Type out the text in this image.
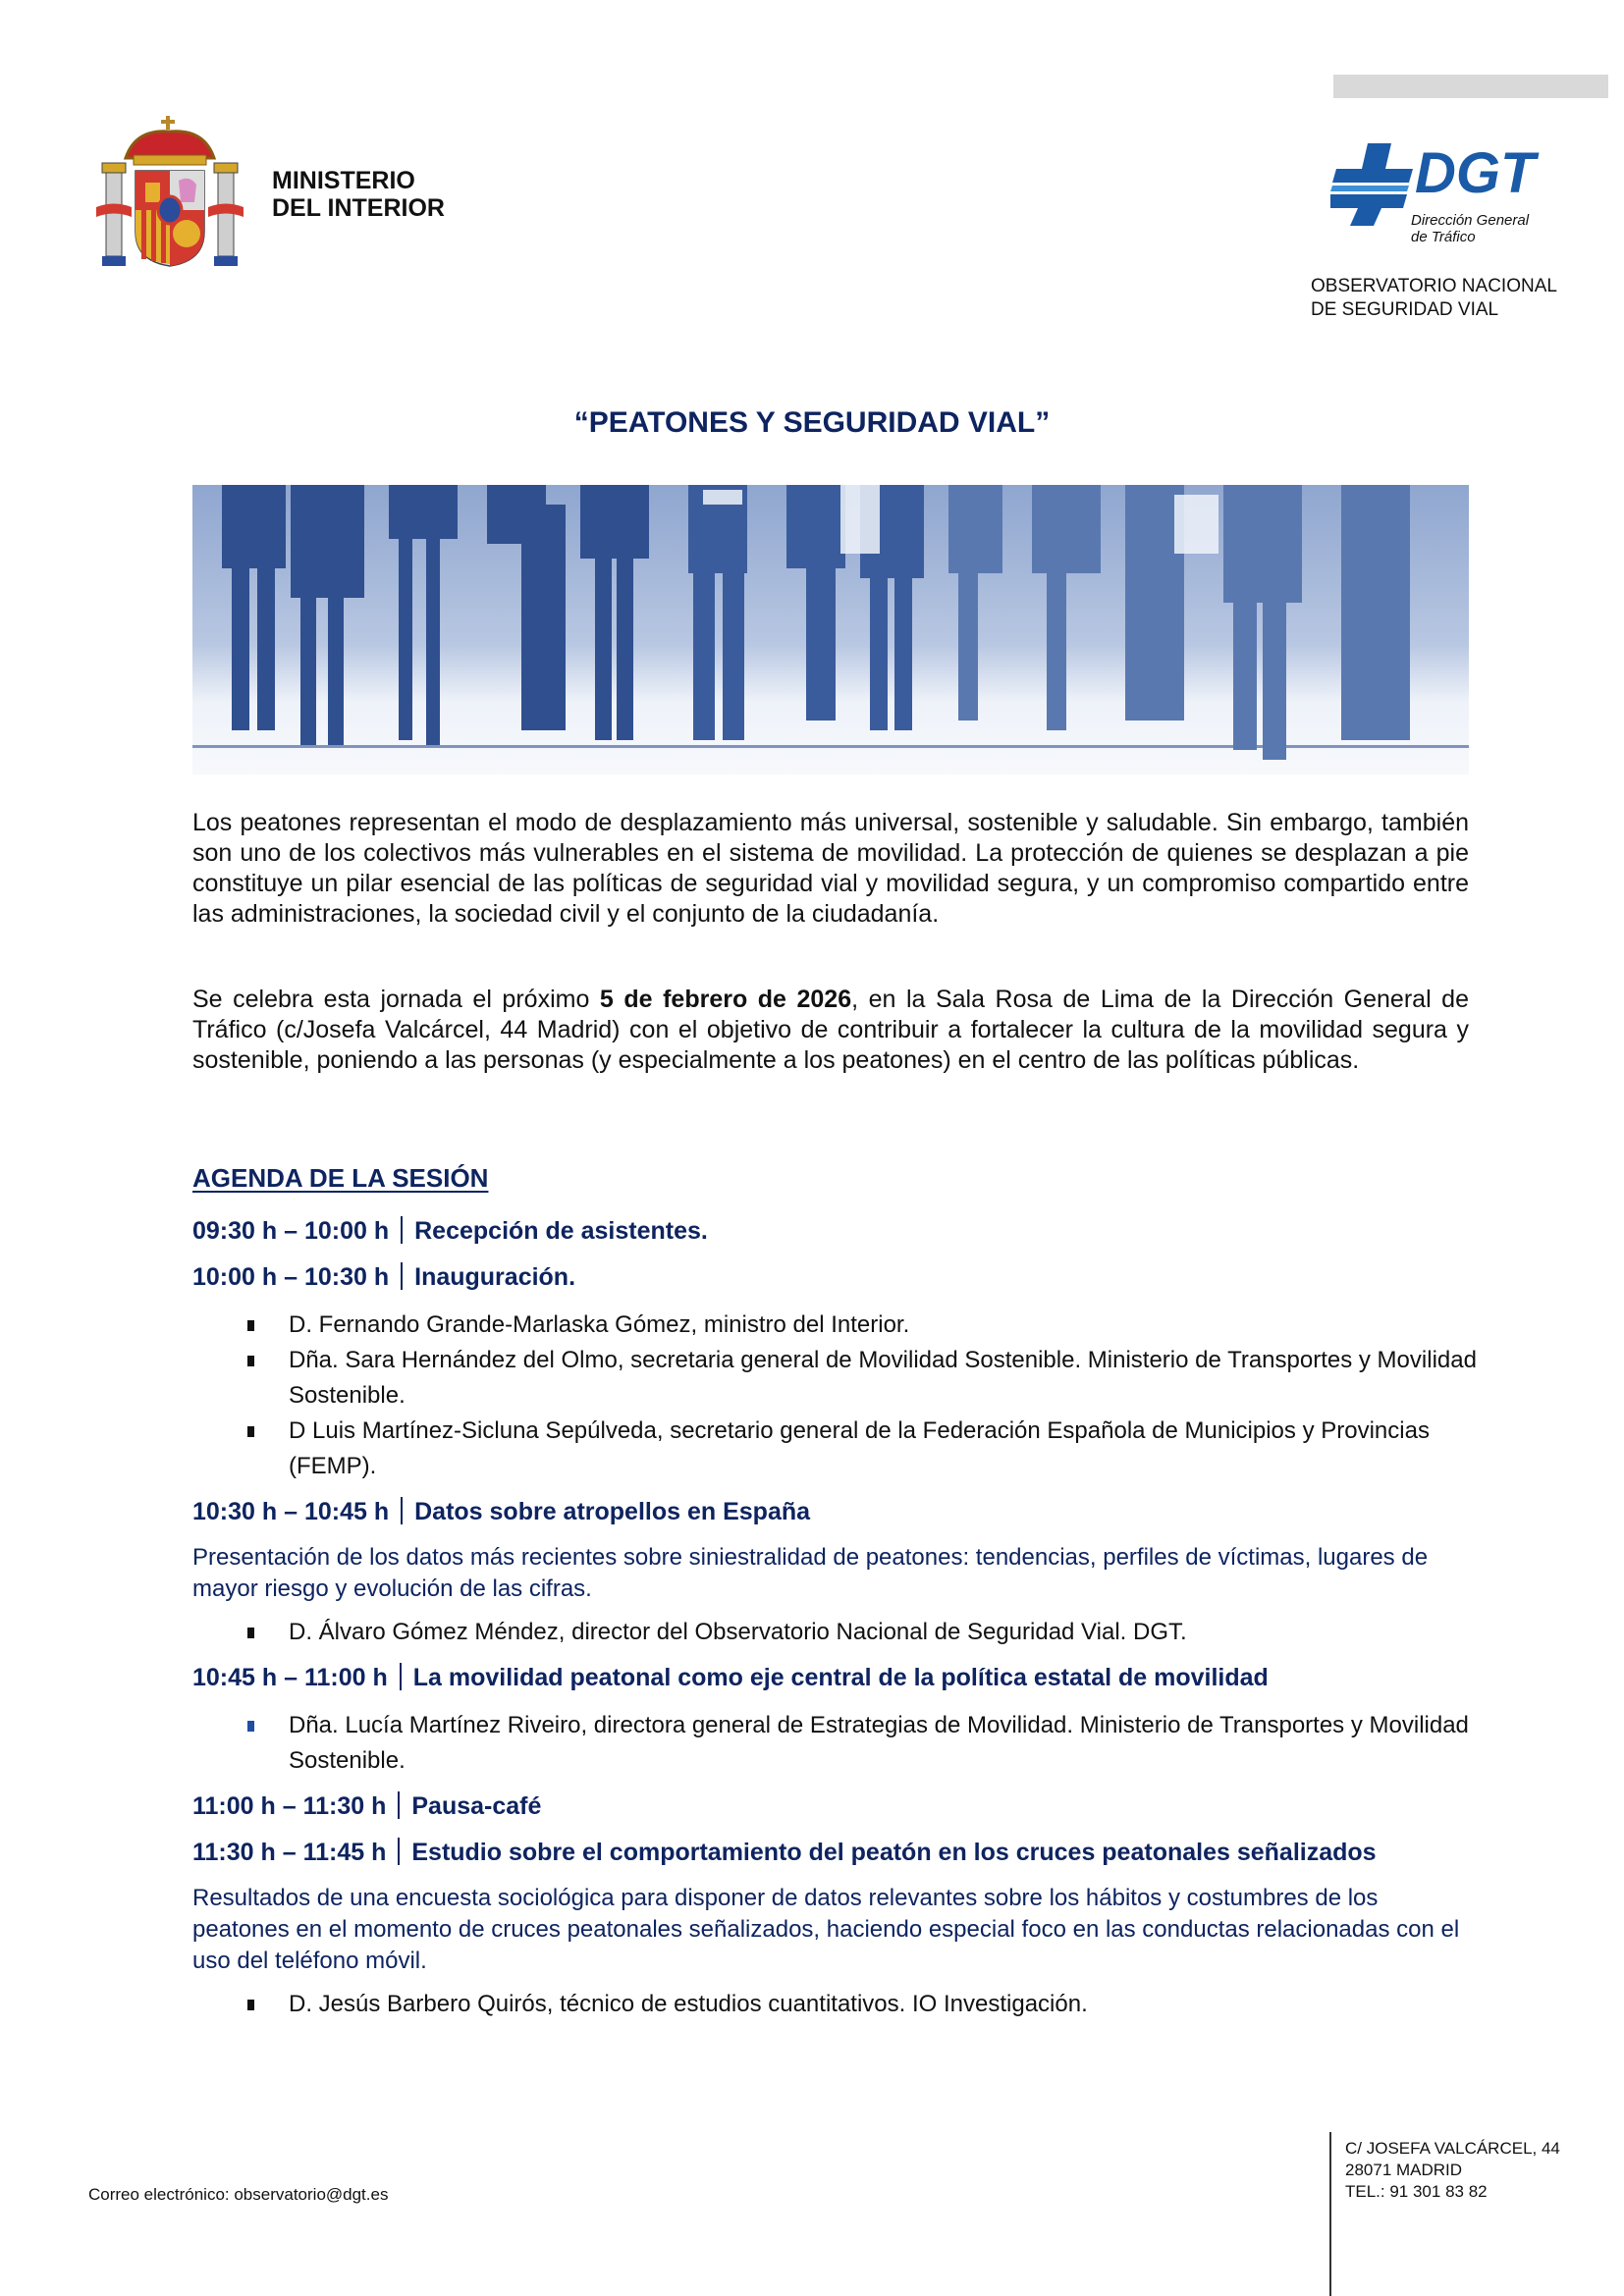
MINISTERIO
DEL INTERIOR
DGT
Dirección General
de Tráfico
OBSERVATORIO NACIONAL
DE SEGURIDAD VIAL
“PEATONES Y SEGURIDAD VIAL”
Los peatones representan el modo de desplazamiento más universal, sostenible y saludable. Sin embargo, también son uno de los colectivos más vulnerables en el sistema de movilidad. La protección de quienes se desplazan a pie constituye un pilar esencial de las políticas de seguridad vial y movilidad segura, y un compromiso compartido entre las administraciones, la sociedad civil y el conjunto de la ciudadanía.
Se celebra esta jornada el próximo 5 de febrero de 2026, en la Sala Rosa de Lima de la Dirección General de Tráfico (c/Josefa Valcárcel, 44 Madrid) con el objetivo de contribuir a fortalecer la cultura de la movilidad segura y sostenible, poniendo a las personas (y especialmente a los peatones) en el centro de las políticas públicas.
AGENDA DE LA SESIÓN
09:30 h – 10:00 h Recepción de asistentes.
10:00 h – 10:30 h Inauguración.
D. Fernando Grande-Marlaska Gómez, ministro del Interior.
Dña. Sara Hernández del Olmo, secretaria general de Movilidad Sostenible. Ministerio de Transportes y Movilidad Sostenible.
D Luis Martínez-Sicluna Sepúlveda, secretario general de la Federación Española de Municipios y Provincias (FEMP).
10:30 h – 10:45 h Datos sobre atropellos en España
Presentación de los datos más recientes sobre siniestralidad de peatones: tendencias, perfiles de víctimas, lugares de mayor riesgo y evolución de las cifras.
D. Álvaro Gómez Méndez, director del Observatorio Nacional de Seguridad Vial. DGT.
10:45 h – 11:00 h La movilidad peatonal como eje central de la política estatal de movilidad
Dña. Lucía Martínez Riveiro, directora general de Estrategias de Movilidad. Ministerio de Transportes y Movilidad Sostenible.
11:00 h – 11:30 h Pausa-café
11:30 h – 11:45 h Estudio sobre el comportamiento del peatón en los cruces peatonales señalizados
Resultados de una encuesta sociológica para disponer de datos relevantes sobre los hábitos y costumbres de los peatones en el momento de cruces peatonales señalizados, haciendo especial foco en las conductas relacionadas con el uso del teléfono móvil.
D. Jesús Barbero Quirós, técnico de estudios cuantitativos. IO Investigación.
Correo electrónico: observatorio@dgt.es
C/ JOSEFA VALCÁRCEL, 44
28071 MADRID
TEL.: 91 301 83 82
